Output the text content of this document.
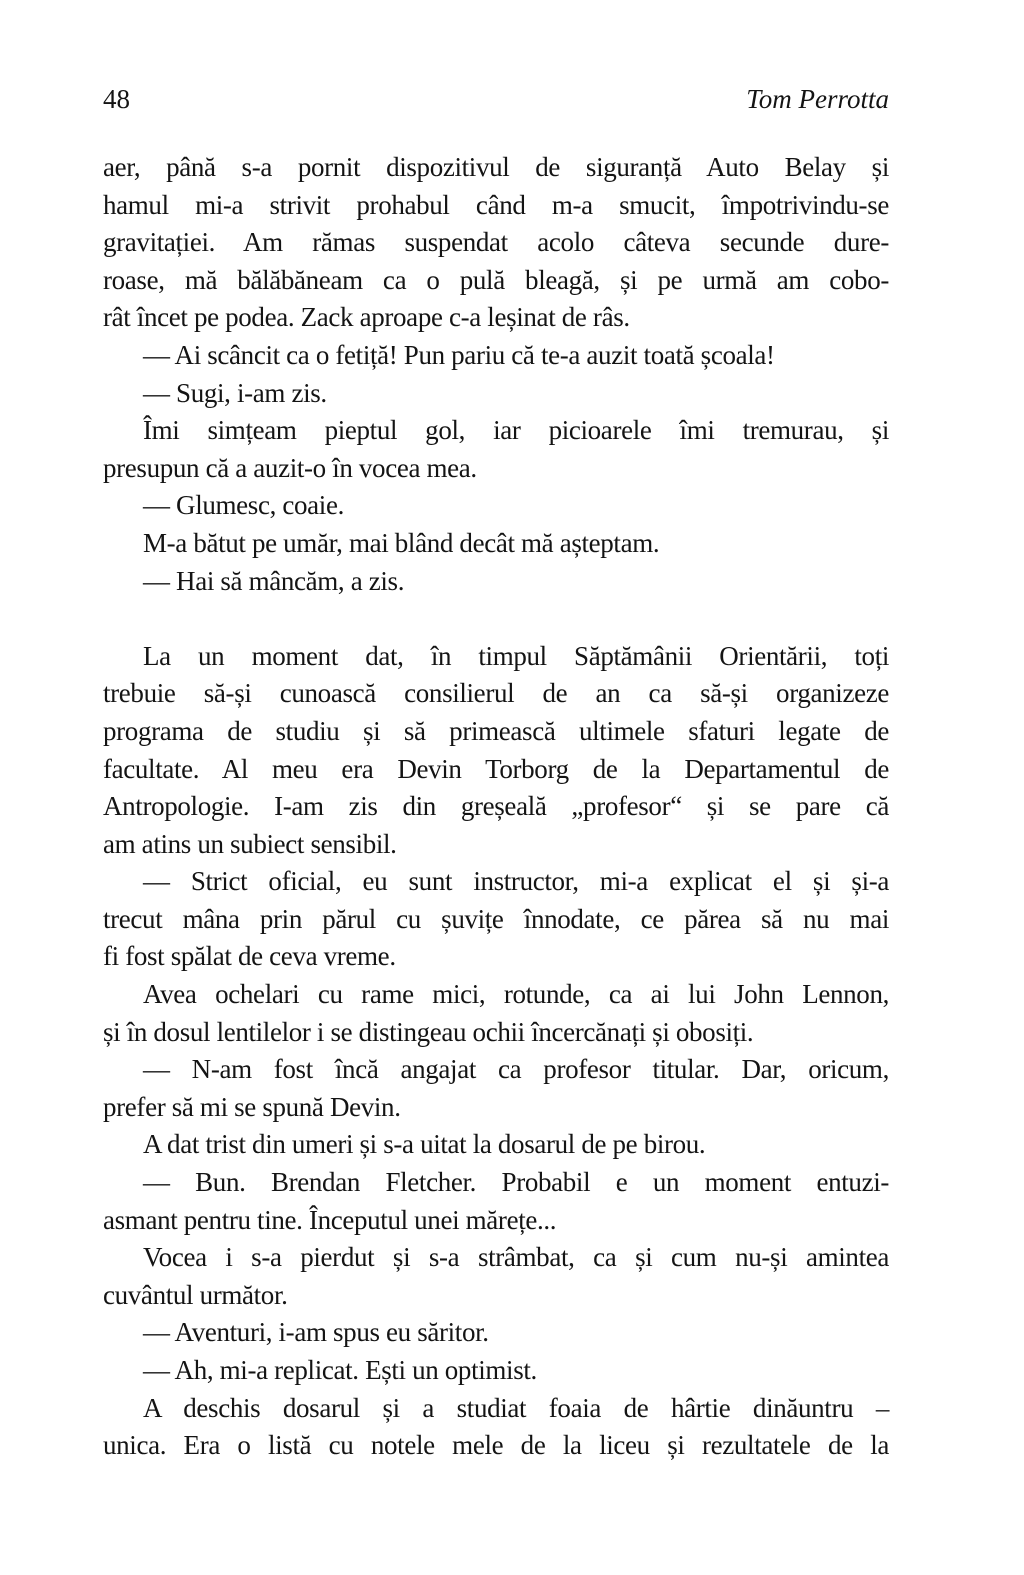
48	Tom Perrotta
aer, până s-a pornit dispozitivul de siguranță Auto Belay și
hamul mi-a strivit prohabul când m-a smucit, împotrivindu-se
gravitației. Am rămas suspendat acolo câteva secunde dure-
roase, mă bălăbăneam ca o pulă bleagă, și pe urmă am cobo-
rât încet pe podea. Zack aproape c-a leșinat de râs.
— Ai scâncit ca o fetiță! Pun pariu că te-a auzit toată școala!
— Sugi, i-am zis.
Îmi simțeam pieptul gol, iar picioarele îmi tremurau, și
presupun că a auzit-o în vocea mea.
— Glumesc, coaie.
M-a bătut pe umăr, mai blând decât mă așteptam.
— Hai să mâncăm, a zis.
La un moment dat, în timpul Săptămânii Orientării, toți
trebuie să-și cunoască consilierul de an ca să-și organizeze
programa de studiu și să primească ultimele sfaturi legate de
facultate. Al meu era Devin Torborg de la Departamentul de
Antropologie. I-am zis din greșeală „profesor“ și se pare că
am atins un subiect sensibil.
— Strict oficial, eu sunt instructor, mi-a explicat el și și-a
trecut mâna prin părul cu șuvițe înnodate, ce părea să nu mai
fi fost spălat de ceva vreme.
Avea ochelari cu rame mici, rotunde, ca ai lui John Lennon,
și în dosul lentilelor i se distingeau ochii încercănați și obosiți.
— N-am fost încă angajat ca profesor titular. Dar, oricum,
prefer să mi se spună Devin.
A dat trist din umeri și s-a uitat la dosarul de pe birou.
— Bun. Brendan Fletcher. Probabil e un moment entuzi-
asmant pentru tine. Începutul unei mărețe...
Vocea i s-a pierdut și s-a strâmbat, ca și cum nu-și amintea
cuvântul următor.
— Aventuri, i-am spus eu săritor.
— Ah, mi-a replicat. Ești un optimist.
A deschis dosarul și a studiat foaia de hârtie dinăuntru –
unica. Era o listă cu notele mele de la liceu și rezultatele de la
